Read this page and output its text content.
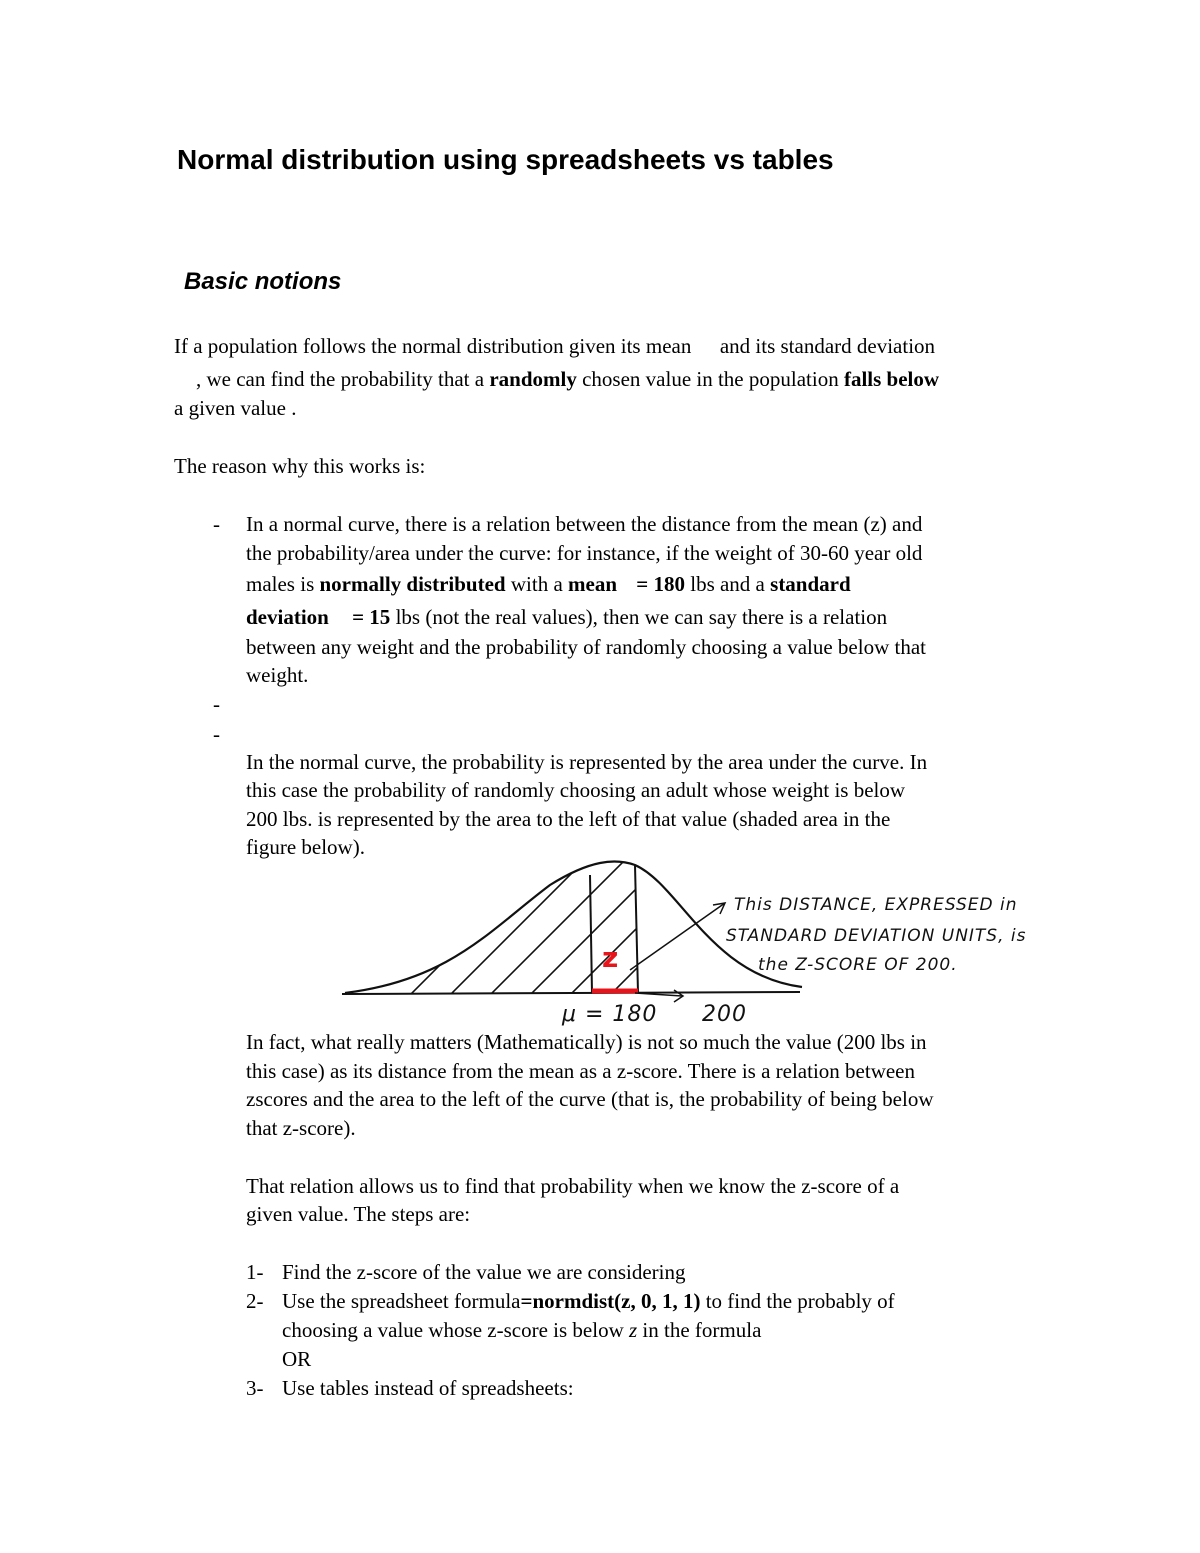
Normal distribution using spreadsheets vs tables
Basic notions
If a population follows the normal distribution given its mean and its standard deviation
, we can find the probability that a randomly chosen value in the population falls below
a given value .
The reason why this works is:
- In a normal curve, there is a relation between the distance from the mean (z) and
the probability/area under the curve: for instance, if the weight of 30-60 year old
males is normally distributed with a mean = 180 lbs and a standard
deviation = 15 lbs (not the real values), then we can say there is a relation
between any weight and the probability of randomly choosing a value below that
weight.
-
-
In the normal curve, the probability is represented by the area under the curve. In
this case the probability of randomly choosing an adult whose weight is below
200 lbs. is represented by the area to the left of that value (shaded area in the
figure below).
z
μ = 180 200
This DISTANCE, EXPRESSED in
STANDARD DEVIATION UNITS, is
the Z-SCORE OF 200.
In fact, what really matters (Mathematically) is not so much the value (200 lbs in
this case) as its distance from the mean as a z-score. There is a relation between
zscores and the area to the left of the curve (that is, the probability of being below
that z-score).
That relation allows us to find that probability when we know the z-score of a
given value. The steps are:
1- Find the z-score of the value we are considering
2- Use the spreadsheet formula=normdist(z, 0, 1, 1) to find the probably of
choosing a value whose z-score is below z in the formula
OR
3- Use tables instead of spreadsheets:
